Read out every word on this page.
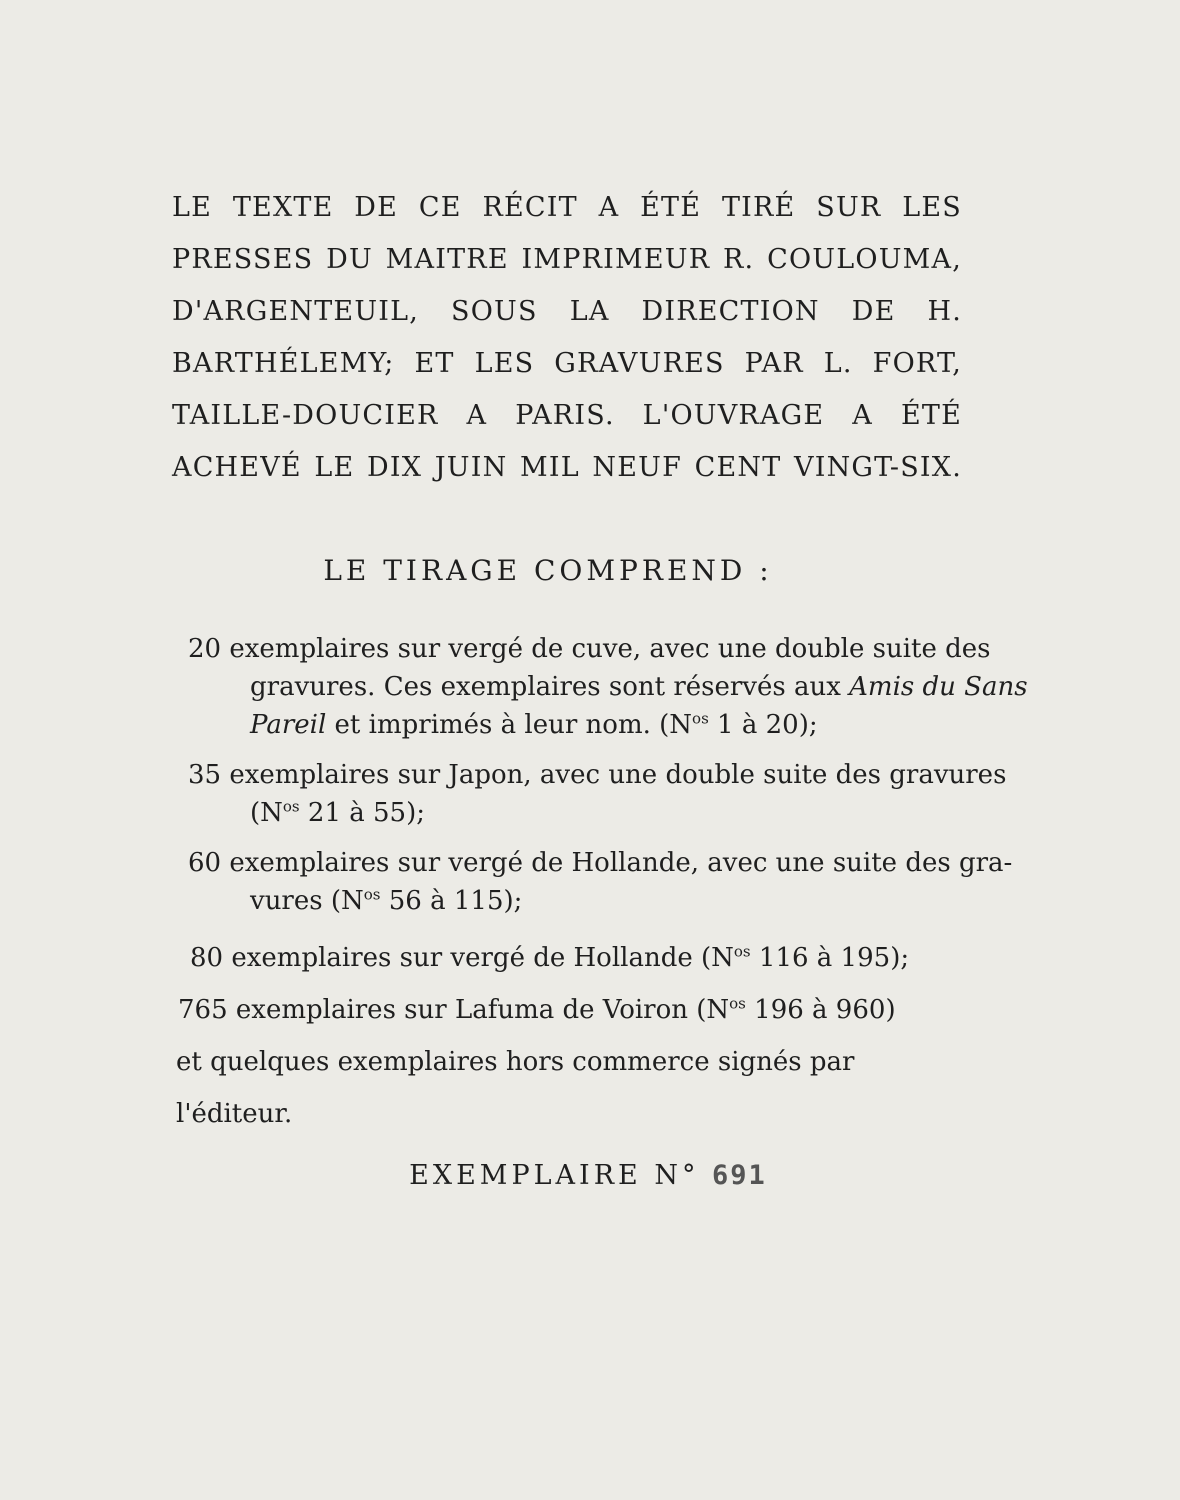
LE TEXTE DE CE RÉCIT A ÉTÉ TIRÉ SUR LES
PRESSES DU MAITRE IMPRIMEUR R. COULOUMA,
D'ARGENTEUIL, SOUS LA DIRECTION DE H.
BARTHÉLEMY; ET LES GRAVURES PAR L. FORT,
TAILLE-DOUCIER A PARIS. L'OUVRAGE A ÉTÉ
ACHEVÉ LE DIX JUIN MIL NEUF CENT VINGT-SIX.
LE TIRAGE COMPREND :
20 exemplaires sur vergé de cuve, avec une double suite des
gravures. Ces exemplaires sont réservés aux Amis du Sans
Pareil et imprimés à leur nom. ($N^{os}$ 1 à 20);
35 exemplaires sur Japon, avec une double suite des gravures
($N^{os}$ 21 à 55);
60 exemplaires sur vergé de Hollande, avec une suite des gra-
vures ($N^{os}$ 56 à 115);
80 exemplaires sur vergé de Hollande ($N^{os}$ 116 à 195);
765 exemplaires sur Lafuma de Voiron ($N^{os}$ 196 à 960)
et quelques exemplaires hors commerce signés par l'éditeur.
EXEMPLAIRE N° 691
